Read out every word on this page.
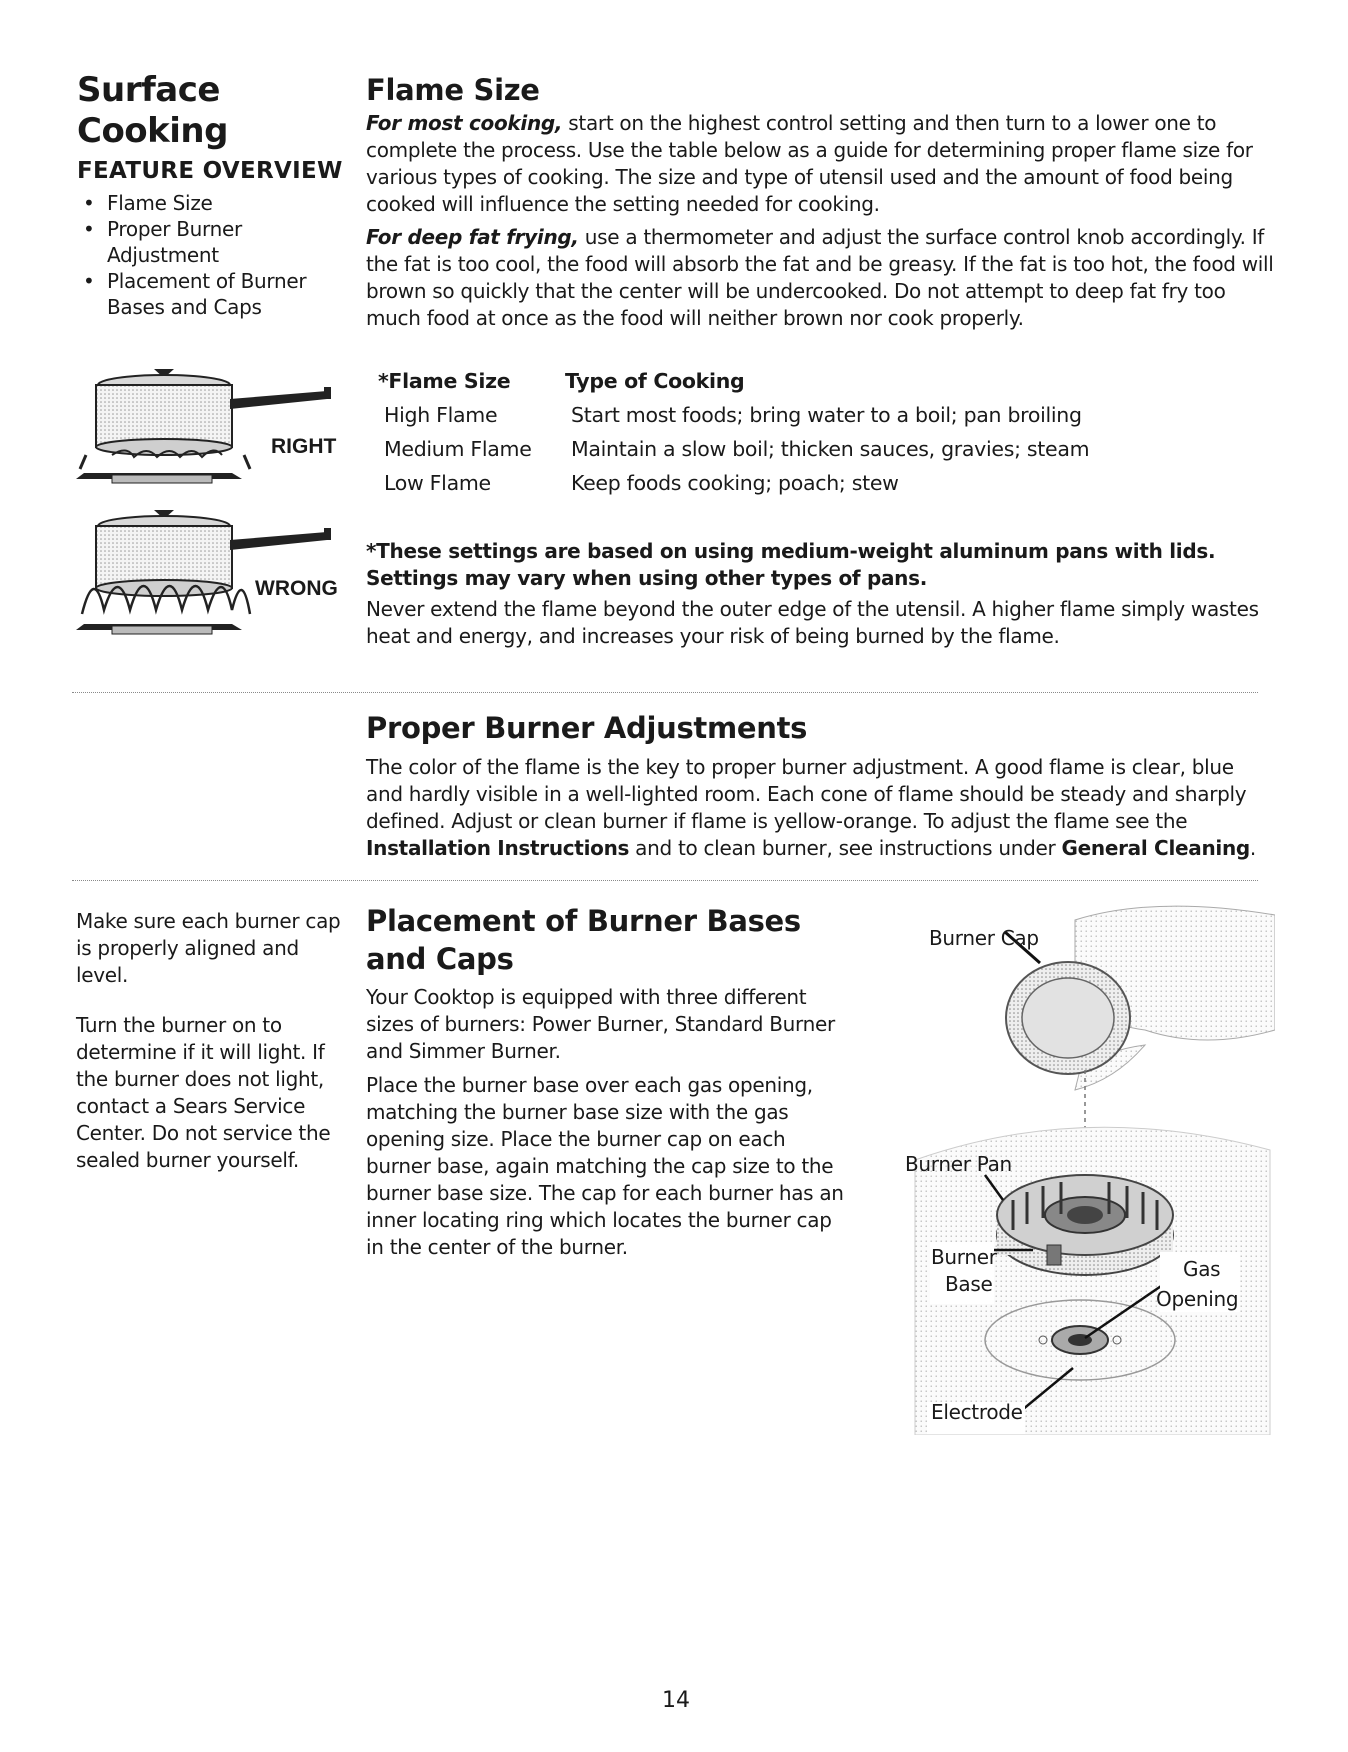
Surface
Cooking
FEATURE OVERVIEW
• Flame Size
• Proper Burner Adjustment
• Placement of Burner Bases and Caps
Flame Size

For most cooking, start on the highest control setting and then turn to a lower one to complete the process. Use the table below as a guide for determining proper flame size for various types of cooking. The size and type of utensil used and the amount of food being cooked will influence the setting needed for cooking.

For deep fat frying, use a thermometer and adjust the surface control knob accordingly. If the fat is too cool, the food will absorb the fat and be greasy. If the fat is too hot, the food will brown so quickly that the center will be undercooked. Do not attempt to deep fat fry too much food at once as the food will neither brown nor cook properly.

RIGHT
WRONG
*Flame Size	Type of Cooking
High Flame	Start most foods; bring water to a boil; pan broiling
Medium Flame	Maintain a slow boil; thicken sauces, gravies; steam
Low Flame	Keep foods cooking; poach; stew

*These settings are based on using medium-weight aluminum pans with lids. Settings may vary when using other types of pans.

Never extend the flame beyond the outer edge of the utensil. A higher flame simply wastes heat and energy, and increases your risk of being burned by the flame.

Proper Burner Adjustments

The color of the flame is the key to proper burner adjustment. A good flame is clear, blue and hardly visible in a well-lighted room. Each cone of flame should be steady and sharply defined. Adjust or clean burner if flame is yellow-orange. To adjust the flame see the Installation Instructions and to clean burner, see instructions under General Cleaning.

Make sure each burner cap is properly aligned and level.

Turn the burner on to determine if it will light. If the burner does not light, contact a Sears Service Center. Do not service the sealed burner yourself.

Placement of Burner Bases and Caps

Your Cooktop is equipped with three different sizes of burners: Power Burner, Standard Burner and Simmer Burner.

Place the burner base over each gas opening, matching the burner base size with the gas opening size. Place the burner cap on each burner base, again matching the cap size to the burner base size. The cap for each burner has an inner locating ring which locates the burner cap in the center of the burner.

Burner Cap
Burner Pan
Burner
Base
Gas
Opening
Electrode
14
